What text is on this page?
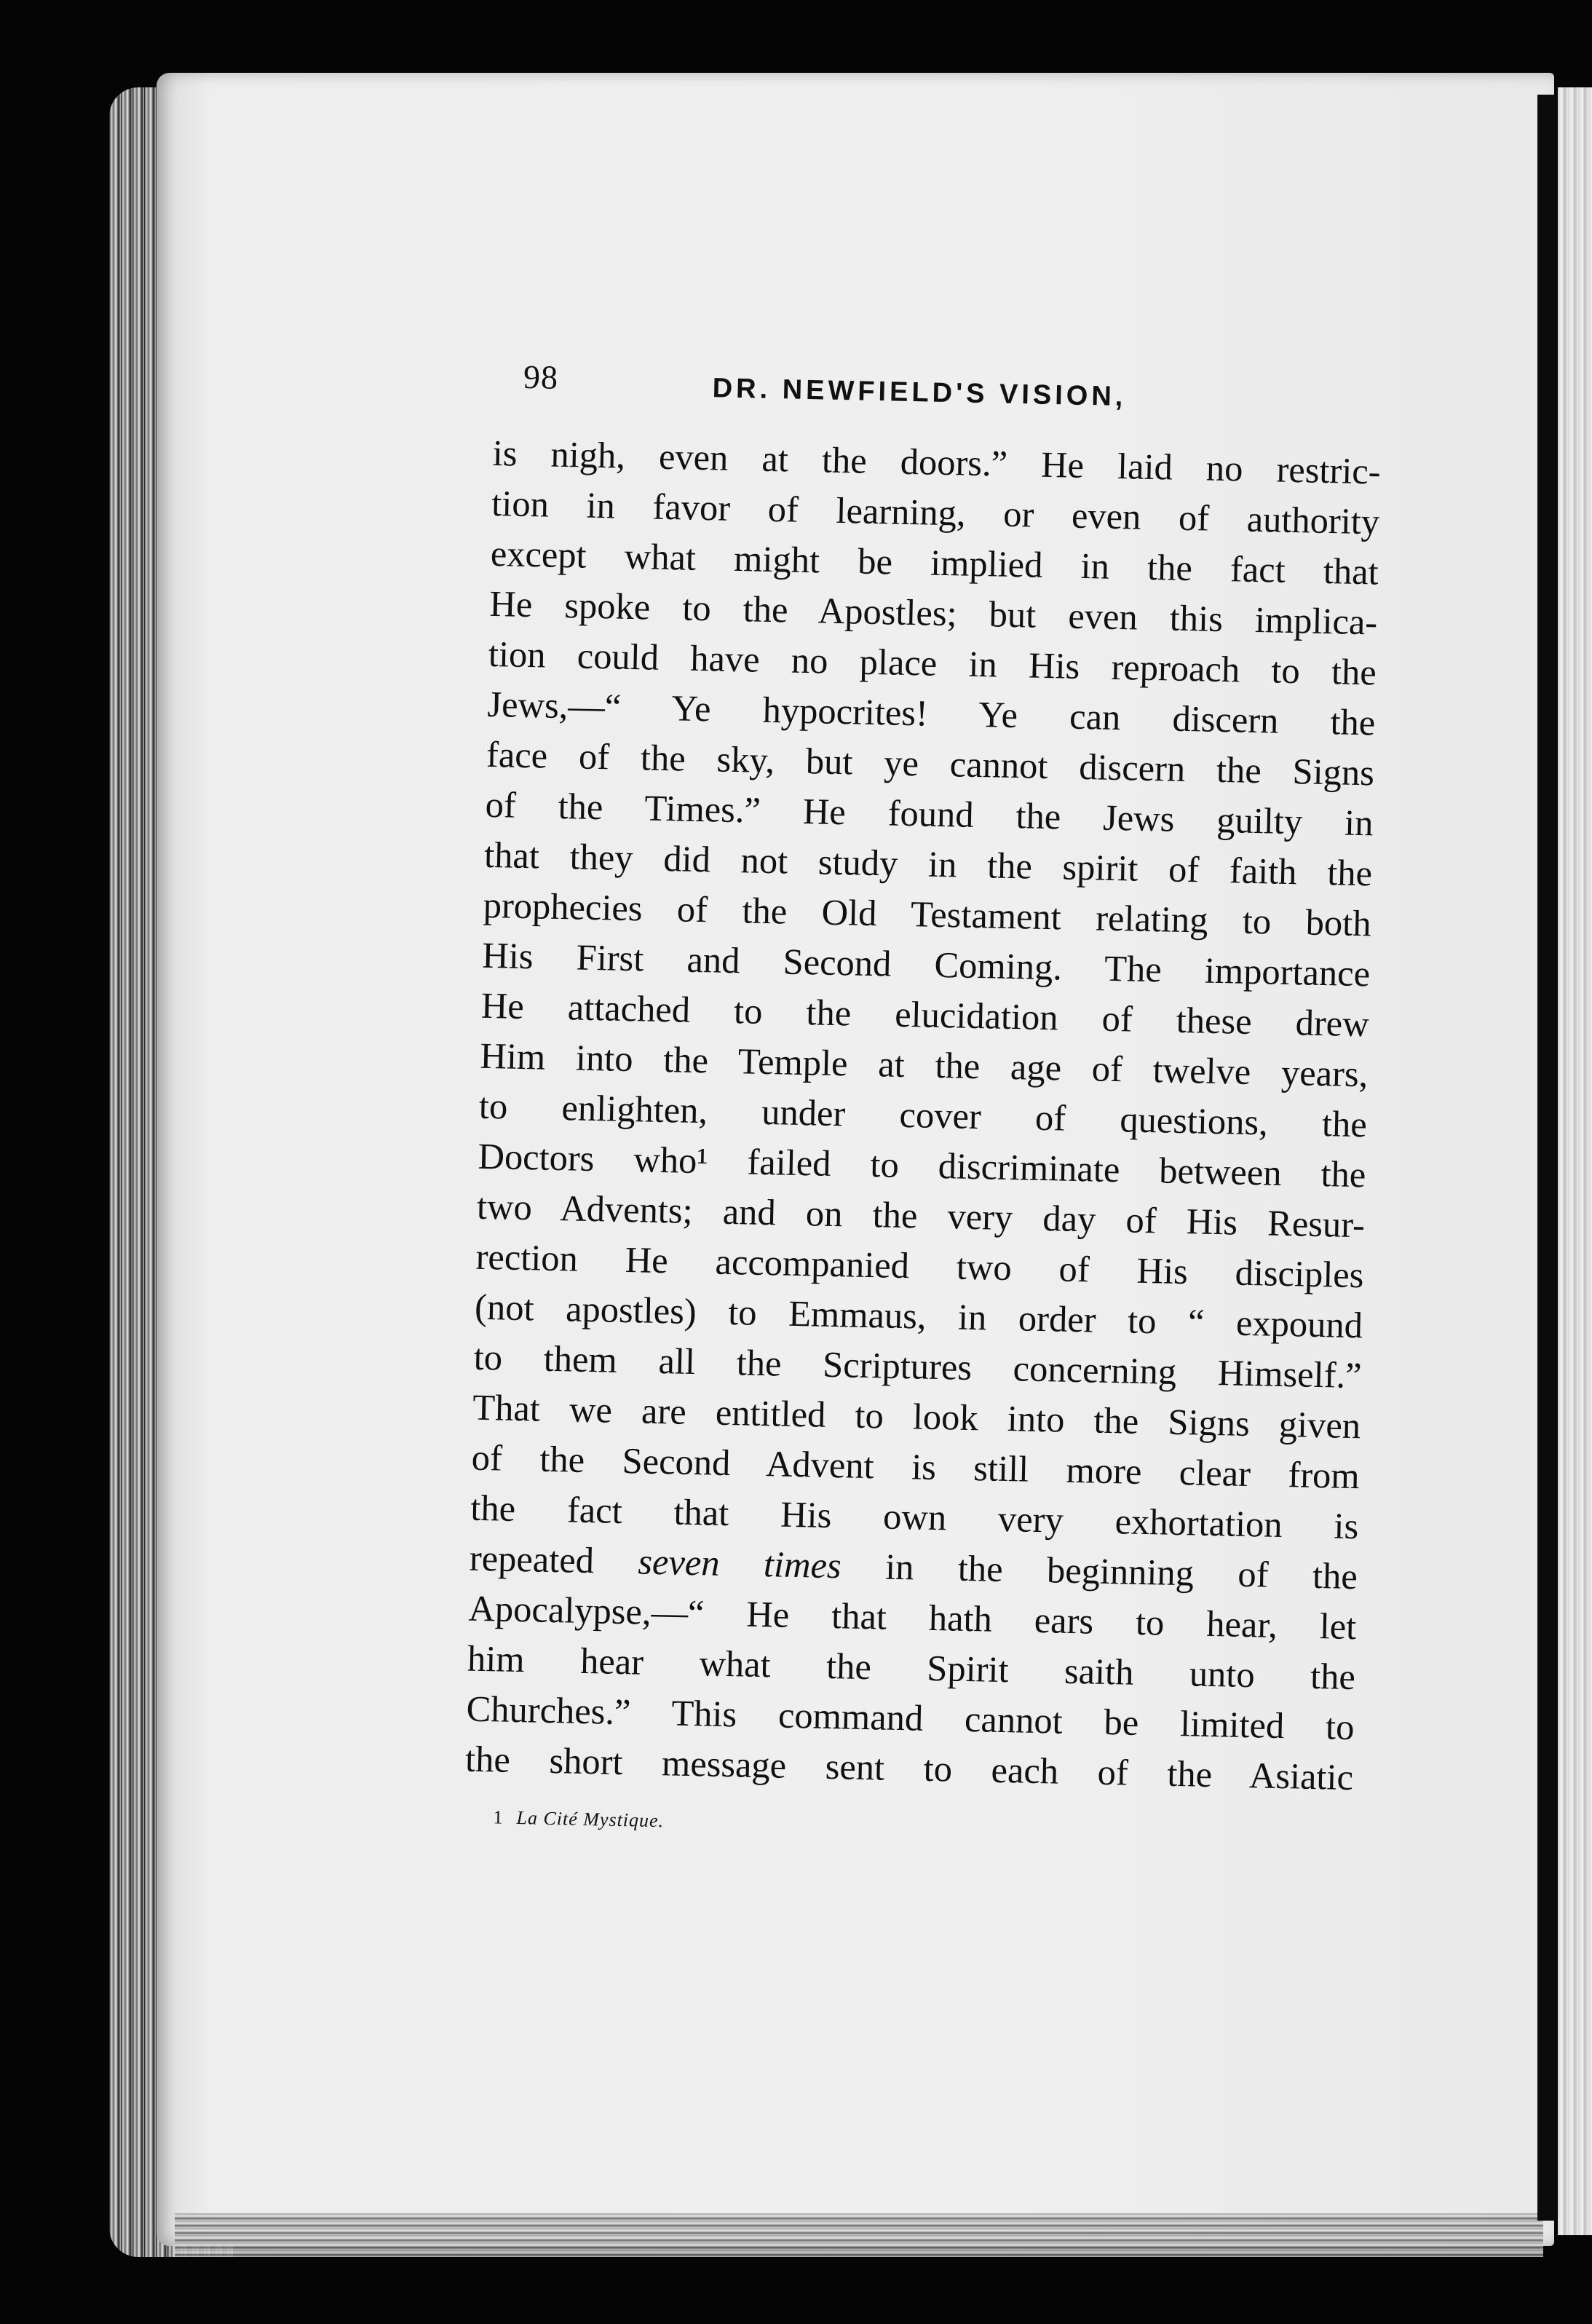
98	DR. NEWFIELD'S VISION,
is nigh, even at the doors.” He laid no restric-
tion in favor of learning, or even of authority
except what might be implied in the fact that
He spoke to the Apostles; but even this implica-
tion could have no place in His reproach to the
Jews,—“ Ye hypocrites! Ye can discern the
face of the sky, but ye cannot discern the Signs
of the Times.” He found the Jews guilty in
that they did not study in the spirit of faith the
prophecies of the Old Testament relating to both
His First and Second Coming. The importance
He attached to the elucidation of these drew
Him into the Temple at the age of twelve years,
to enlighten, under cover of questions, the
Doctors who¹ failed to discriminate between the
two Advents; and on the very day of His Resur-
rection He accompanied two of His disciples
(not apostles) to Emmaus, in order to “ expound
to them all the Scriptures concerning Himself.”
That we are entitled to look into the Signs given
of the Second Advent is still more clear from
the fact that His own very exhortation is
repeated seven times in the beginning of the
Apocalypse,—“ He that hath ears to hear, let
him hear what the Spirit saith unto the
Churches.” This command cannot be limited to
the short message sent to each of the Asiatic
1 La Cité Mystique.
